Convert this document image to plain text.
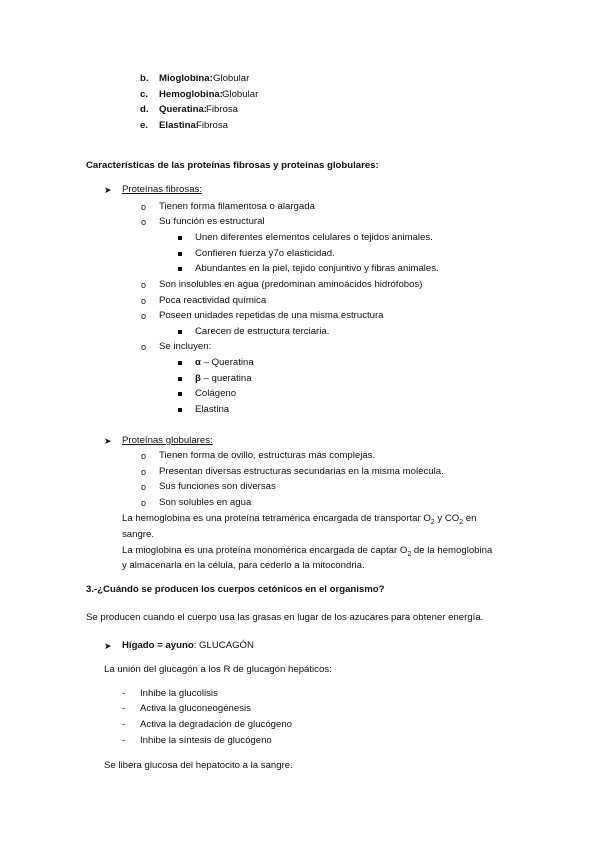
b. Mioglobina: Globular
c. Hemoglobina: Globular
d. Queratina: Fibrosa
e. Elastina:
Fibrosa
Características de las proteínas fibrosas y proteínas globulares:
➤ Proteínas fibrosas:
o Tienen forma filamentosa o alargada
o Su función es estructural
Unen diferentes elementos celulares o tejidos animales.
Confieren fuerza y7o elasticidad.
Abundantes en la piel, tejido conjuntivo y fibras animales.
o Son insolubles en agua (predominan aminoácidos hidrófobos)
o Poca reactividad química
o Poseen unidades repetidas de una misma estructura
Carecen de estructura terciaria.
o Se incluyen:
α – Queratina
β – queratina
Colágeno
Elastina
➤ Proteínas globulares:
o Tienen forma de ovillo, estructuras más complejas.
o Presentan diversas estructuras secundarias en la misma molécula.
o Sus funciones son diversas
o Son solubles en agua
La hemoglobina es una proteína tetramérica encargada de transportar $O_2$ y $CO_2$ en
sangre.
La mioglobina es una proteína monomérica encargada de captar $O_2$ de la hemoglobina
y almacenarla en la célula, para cederlo a la mitocondria.
3.-¿Cuándo se producen los cuerpos cetónicos en el organismo?
Se producen cuando el cuerpo usa las grasas en lugar de los azucares para obtener energía.
➤ Hígado = ayuno: GLUCAGÓN
La unión del glucagón a los R de glucagón hepáticos:
- Inhibe la glucolisis
- Activa la gluconeogénesis
- Activa la degradación de glucógeno
- Inhibe la síntesis de glucógeno
Se libera glucosa del hepatocito a la sangre.
